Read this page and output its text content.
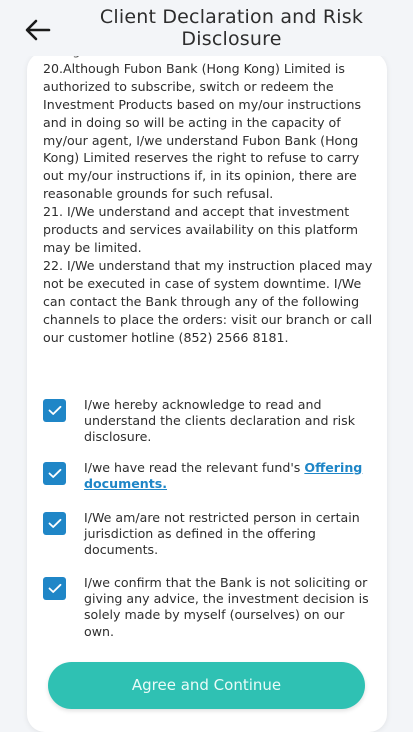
Client Declaration and Risk Disclosure

20.Although Fubon Bank (Hong Kong) Limited is authorized to subscribe, switch or redeem the Investment Products based on my/our instructions and in doing so will be acting in the capacity of my/our agent, I/we understand Fubon Bank (Hong Kong) Limited reserves the right to refuse to carry out my/our instructions if, in its opinion, there are reasonable grounds for such refusal.

21. I/We understand and accept that investment products and services availability on this platform may be limited.

22. I/We understand that my instruction placed may not be executed in case of system downtime. I/We can contact the Bank through any of the following channels to place the orders: visit our branch or call our customer hotline (852) 2566 8181.

I/we hereby acknowledge to read and understand the clients declaration and risk disclosure.
I/we have read the relevant fund's Offering documents.
I/We am/are not restricted person in certain jurisdiction as defined in the offering documents.
I/we confirm that the Bank is not soliciting or giving any advice, the investment decision is solely made by myself (ourselves) on our own.
Agree and Continue
